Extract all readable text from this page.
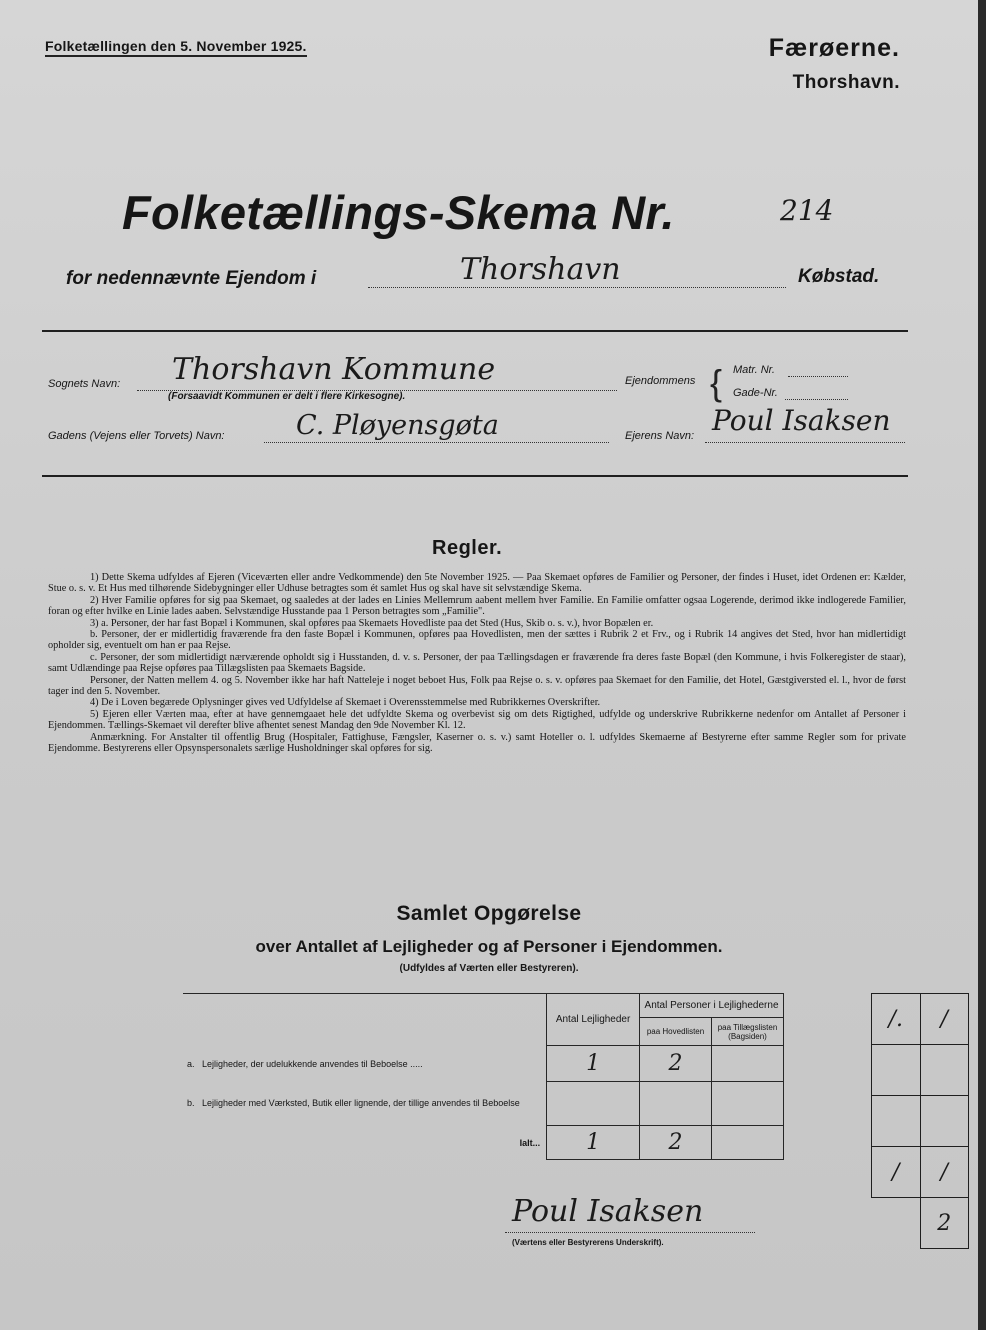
Folketællingen den 5. November 1925.	Færøerne.
Thorshavn.
Folketællings-Skema Nr.	214
for nedennævnte Ejendom i	Thorshavn	Købstad.
Sognets Navn: Thorshavn Kommune
(Forsaavidt Kommunen er delt i flere Kirkesogne).
Ejendommens { Matr. Nr.
Gade-Nr.
Gadens (Vejens eller Torvets) Navn:	C. Pløyensgøta	Ejerens Navn: Poul Isaksen
Regler.

1) Dette Skema udfyldes af Ejeren (Viceværten eller andre Vedkommende) den 5te November 1925. — Paa Skemaet opføres de Familier og Personer, der findes i Huset, idet Ordenen er: Kælder, Stue o. s. v. Et Hus med tilhørende Sidebygninger eller Udhuse betragtes som ét samlet Hus og skal have sit selvstændige Skema.

2) Hver Familie opføres for sig paa Skemaet, og saaledes at der lades en Linies Mellemrum aabent mellem hver Familie. En Familie omfatter ogsaa Logerende, derimod ikke indlogerede Familier, foran og efter hvilke en Linie lades aaben. Selvstændige Husstande paa 1 Person betragtes som „Familie".

3) a. Personer, der har fast Bopæl i Kommunen, skal opføres paa Skemaets Hovedliste paa det Sted (Hus, Skib o. s. v.), hvor Bopælen er.

b. Personer, der er midlertidig fraværende fra den faste Bopæl i Kommunen, opføres paa Hovedlisten, men der sættes i Rubrik 2 et Frv., og i Rubrik 14 angives det Sted, hvor han midlertidigt opholder sig, eventuelt om han er paa Rejse.

c. Personer, der som midlertidigt nærværende opholdt sig i Husstanden, d. v. s. Personer, der paa Tællingsdagen er fraværende fra deres faste Bopæl (den Kommune, i hvis Folkeregister de staar), samt Udlændinge paa Rejse opføres paa Tillægslisten paa Skemaets Bagside.

Personer, der Natten mellem 4. og 5. November ikke har haft Natteleje i noget beboet Hus, Folk paa Rejse o. s. v. opføres paa Skemaet for den Familie, det Hotel, Gæstgiversted el. l., hvor de først tager ind den 5. November.

4) De i Loven begærede Oplysninger gives ved Udfyldelse af Skemaet i Overensstemmelse med Rubrikkernes Overskrifter.

5) Ejeren eller Værten maa, efter at have gennemgaaet hele det udfyldte Skema og overbevist sig om dets Rigtighed, udfylde og underskrive Rubrikkerne nedenfor om Antallet af Personer i Ejendommen. Tællings-Skemaet vil derefter blive afhentet senest Mandag den 9de November Kl. 12.

Anmærkning. For Anstalter til offentlig Brug (Hospitaler, Fattighuse, Fængsler, Kaserner o. s. v.) samt Hoteller o. l. udfyldes Skemaerne af Bestyrerne efter samme Regler som for private Ejendomme. Bestyrerens eller Opsynspersonalets særlige Husholdninger skal opføres for sig.

Samlet Opgørelse
over Antallet af Lejligheder og af Personer i Ejendommen.
(Udfyldes af Værten eller Bestyreren).
	Antal Lejligheder	Antal Personer i Lejlighederne	
		paa Hovedlisten	paa Tillægslisten (Bagsiden)
a. Lejligheder, der udelukkende anvendes til Beboelse .....	1	2	
b. Lejligheder med Værksted, Butik eller lignende, der tillige anvendes til Beboelse			
Ialt...	1	2	
/.	/

/	/
	2
Poul Isaksen
(Værtens eller Bestyrerens Underskrift).
